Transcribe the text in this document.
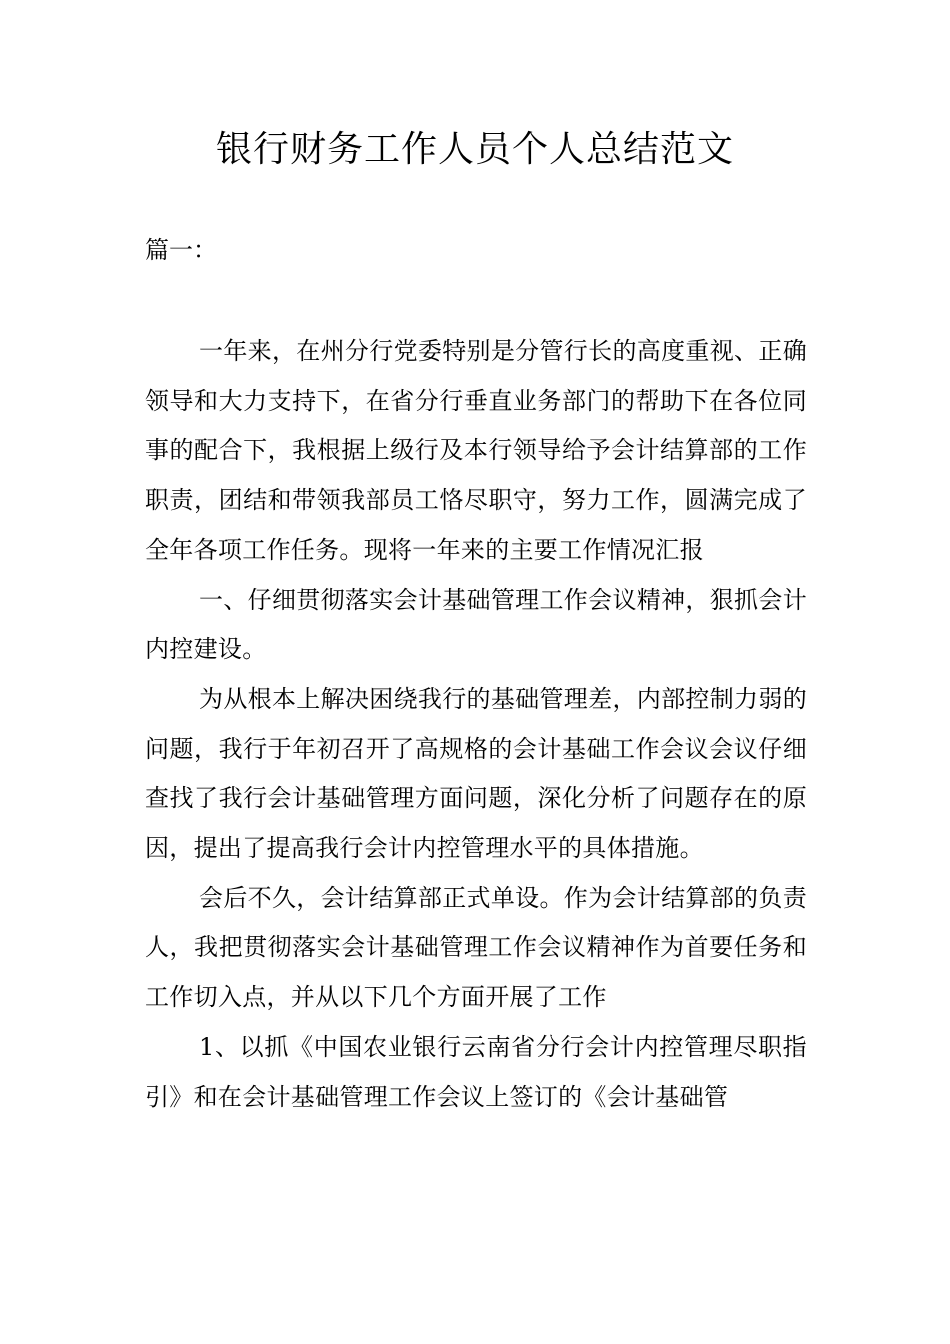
银行财务工作人员个人总结范文

篇一：

一年来，在州分行党委特别是分管行长的高度重视、正确领导和大力支持下，在省分行垂直业务部门的帮助下在各位同事的配合下，我根据上级行及本行领导给予会计结算部的工作职责，团结和带领我部员工恪尽职守，努力工作，圆满完成了全年各项工作任务。现将一年来的主要工作情况汇报

一、仔细贯彻落实会计基础管理工作会议精神，狠抓会计内控建设。

为从根本上解决困绕我行的基础管理差，内部控制力弱的问题，我行于年初召开了高规格的会计基础工作会议会议仔细查找了我行会计基础管理方面问题，深化分析了问题存在的原因，提出了提高我行会计内控管理水平的具体措施。

会后不久，会计结算部正式单设。作为会计结算部的负责人，我把贯彻落实会计基础管理工作会议精神作为首要任务和工作切入点，并从以下几个方面开展了工作

1、以抓《中国农业银行云南省分行会计内控管理尽职指引》和在会计基础管理工作会议上签订的《会计基础管
